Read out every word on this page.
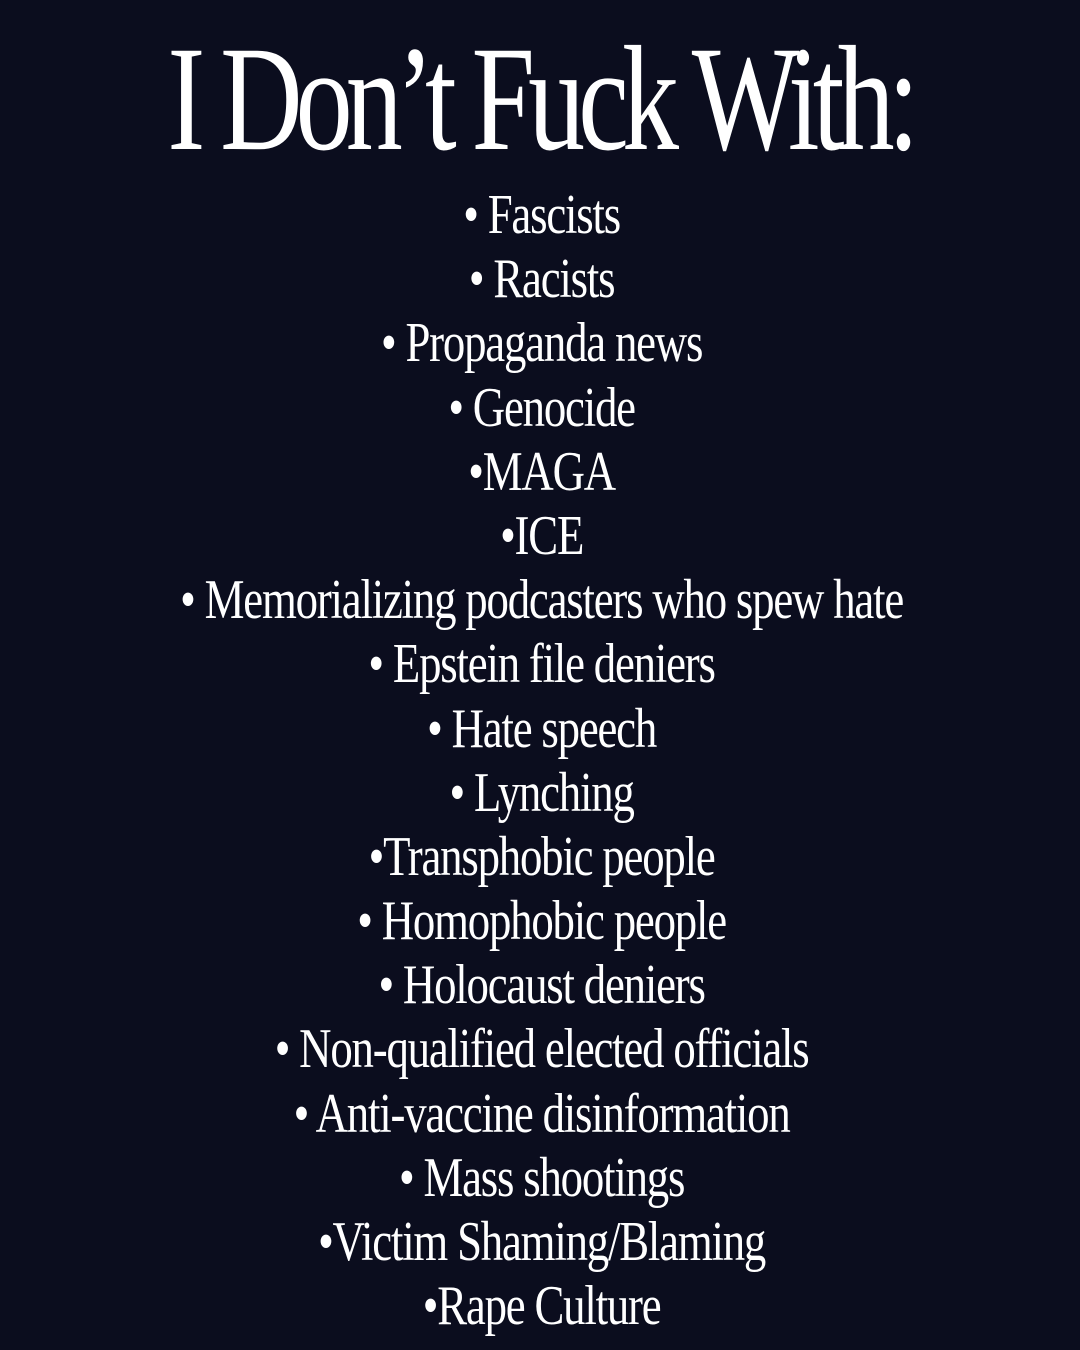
I Don’t Fuck With:
• Fascists
• Racists
• Propaganda news
• Genocide
•MAGA
•ICE
• Memorializing podcasters who spew hate
• Epstein file deniers
• Hate speech
• Lynching
•Transphobic people
• Homophobic people
• Holocaust deniers
• Non-qualified elected officials
• Anti-vaccine disinformation
• Mass shootings
•Victim Shaming/Blaming
•Rape Culture
